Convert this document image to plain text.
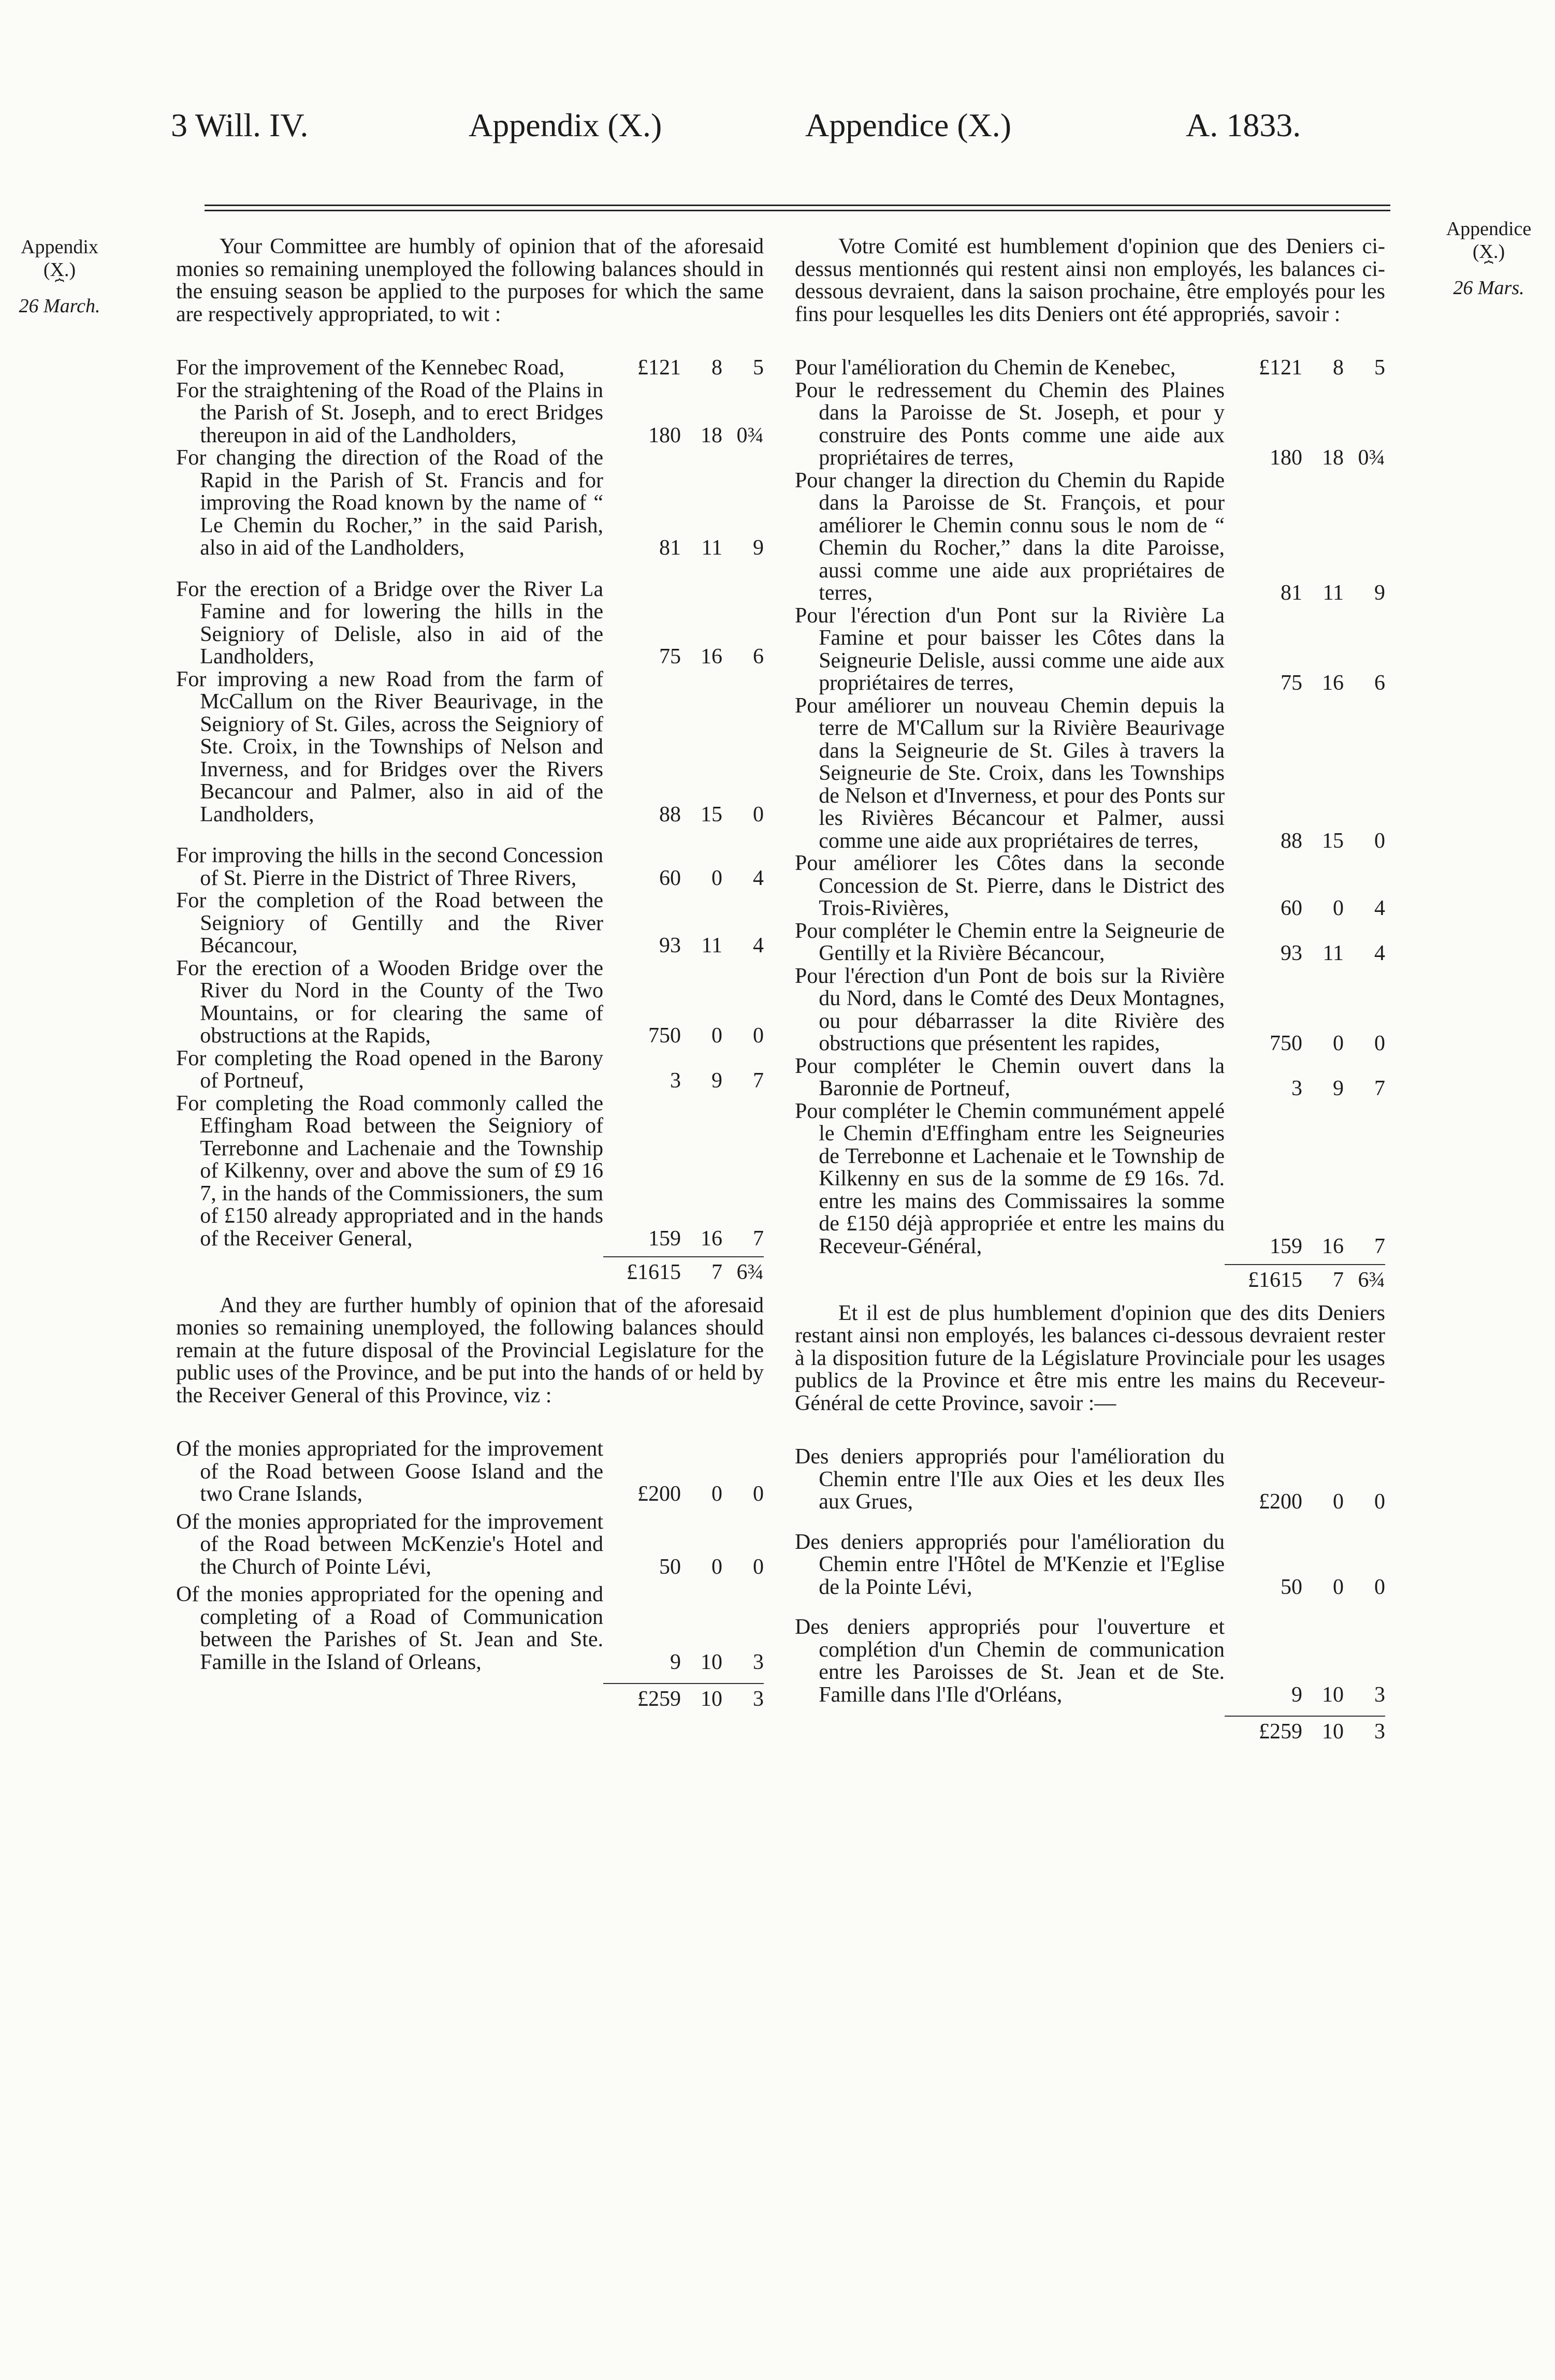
3 Will. IV.	Appendix (X.)	Appendice (X.)	A. 1833.
Appendix
(X.)
⏞
26 March.
Appendice
(X.)
⏞
26 Mars.

Your Committee are humbly of opinion that of the aforesaid monies so remaining unemployed the following balances should in the ensuing season be applied to the purposes for which the same are respectively appropriated, to wit :

For the improvement of the Kennebec Road,	£121	8	5
For the straightening of the Road of the Plains in the Parish of St. Joseph, and to erect Bridges thereupon in aid of the Landholders,	180 18 0¾
For changing the direction of the Road of the Rapid in the Parish of St. Francis and for improving the Road known by the name of “ Le Chemin du Rocher,” in the said Parish, also in aid of the Landholders,	81 11	9
For the erection of a Bridge over the River La Famine and for lowering the hills in the Seigniory of Delisle, also in aid of the Landholders,	75 16	6
For improving a new Road from the farm of McCallum on the River Beaurivage, in the Seigniory of St. Giles, across the Seigniory of Ste. Croix, in the Townships of Nelson and Inverness, and for Bridges over the Rivers Becancour and Palmer, also in aid of the Landholders,	88 15	0
For improving the hills in the second Concession of St. Pierre in the District of Three Rivers,	60	0	4
For the completion of the Road between the Seigniory of Gentilly and the River Bécancour,	93 11	4
For the erection of a Wooden Bridge over the River du Nord in the County of the Two Mountains, or for clearing the same of obstructions at the Rapids,	750	0	0
For completing the Road opened in the Barony of Portneuf,	3	9	7
For completing the Road commonly called the Effingham Road between the Seigniory of Terrebonne and Lachenaie and the Township of Kilkenny, over and above the sum of £9 16 7, in the hands of the Commissioners, the sum of £150 already appropriated and in the hands of the Receiver General,	159 16	7
£1615	7 6¾

And they are further humbly of opinion that of the aforesaid monies so remaining unemployed, the following balances should remain at the future disposal of the Provincial Legislature for the public uses of the Province, and be put into the hands of or held by the Receiver General of this Province, viz :

Of the monies appropriated for the improvement of the Road between Goose Island and the two Crane Islands,	£200	0	0
Of the monies appropriated for the improvement of the Road between McKenzie's Hotel and the Church of Pointe Lévi,	50	0	0
Of the monies appropriated for the opening and completing of a Road of Communication between the Parishes of St. Jean and Ste. Famille in the Island of Orleans,	9 10	3
£259 10	3

Votre Comité est humblement d'opinion que des Deniers ci-dessus mentionnés qui restent ainsi non employés, les balances ci-dessous devraient, dans la saison prochaine, être employés pour les fins pour lesquelles les dits Deniers ont été appropriés, savoir :

Pour l'amélioration du Chemin de Kenebec,	£121	8	5
Pour le redressement du Chemin des Plaines dans la Paroisse de St. Joseph, et pour y construire des Ponts comme une aide aux propriétaires de terres,	180 18 0¾
Pour changer la direction du Chemin du Rapide dans la Paroisse de St. François, et pour améliorer le Chemin connu sous le nom de “ Chemin du Rocher,” dans la dite Paroisse, aussi comme une aide aux propriétaires de terres,	81 11	9
Pour l'érection d'un Pont sur la Rivière La Famine et pour baisser les Côtes dans la Seigneurie Delisle, aussi comme une aide aux propriétaires de terres,	75 16	6
Pour améliorer un nouveau Chemin depuis la terre de M'Callum sur la Rivière Beaurivage dans la Seigneurie de St. Giles à travers la Seigneurie de Ste. Croix, dans les Townships de Nelson et d'Inverness, et pour des Ponts sur les Rivières Bécancour et Palmer, aussi comme une aide aux propriétaires de terres,	88 15	0
Pour améliorer les Côtes dans la seconde Concession de St. Pierre, dans le District des Trois-Rivières,	60	0	4
Pour compléter le Chemin entre la Seigneurie de Gentilly et la Rivière Bécancour,	93 11	4
Pour l'érection d'un Pont de bois sur la Rivière du Nord, dans le Comté des Deux Montagnes, ou pour débarrasser la dite Rivière des obstructions que présentent les rapides,	750	0	0
Pour compléter le Chemin ouvert dans la Baronnie de Portneuf,	3	9	7
Pour compléter le Chemin communément appelé le Chemin d'Effingham entre les Seigneuries de Terrebonne et Lachenaie et le Township de Kilkenny en sus de la somme de £9 16s. 7d. entre les mains des Commissaires la somme de £150 déjà appropriée et entre les mains du Receveur-Général,	159 16	7
£1615	7 6¾

Et il est de plus humblement d'opinion que des dits Deniers restant ainsi non employés, les balances ci-dessous devraient rester à la disposition future de la Législature Provinciale pour les usages publics de la Province et être mis entre les mains du Receveur-Général de cette Province, savoir :—

Des deniers appropriés pour l'amélioration du Chemin entre l'Ile aux Oies et les deux Iles aux Grues,	£200	0	0
Des deniers appropriés pour l'amélioration du Chemin entre l'Hôtel de M'Kenzie et l'Eglise de la Pointe Lévi,	50	0	0
Des deniers appropriés pour l'ouverture et complétion d'un Chemin de communication entre les Paroisses de St. Jean et de Ste. Famille dans l'Ile d'Orléans,	9 10	3
£259 10	3
